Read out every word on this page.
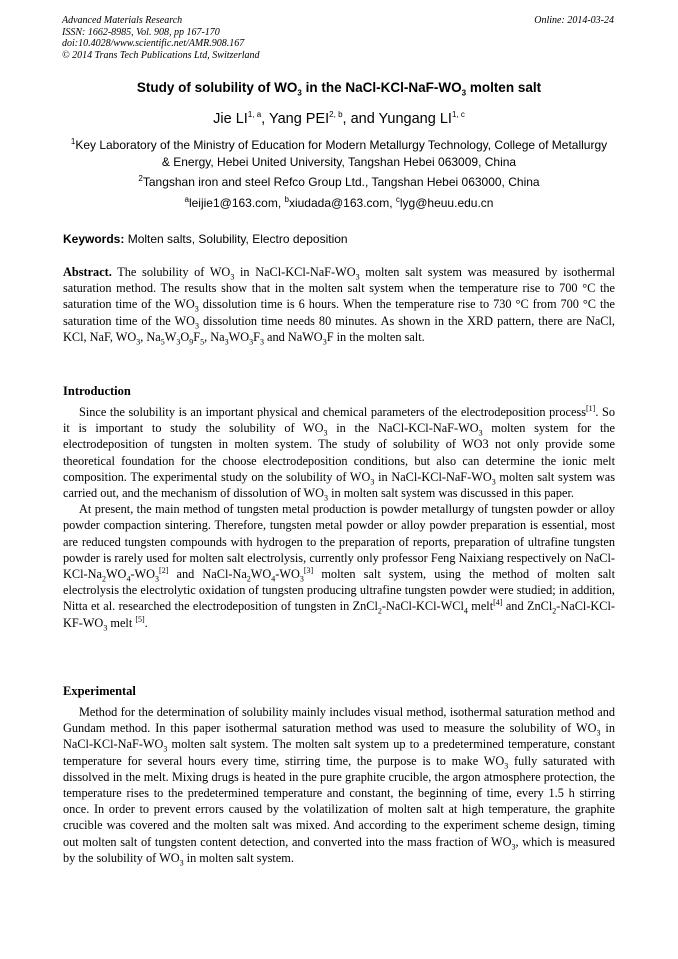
Advanced Materials Research
ISSN: 1662-8985, Vol. 908, pp 167-170
doi:10.4028/www.scientific.net/AMR.908.167
© 2014 Trans Tech Publications Ltd, Switzerland
Online: 2014-03-24
Study of solubility of $WO_3$ in the NaCl-$KCl-NaF-WO_3$ molten salt
Jie LI$^{1, a}$, Yang PEI$^{2, b}$, and Yungang LI$^{1, c}$
$^1$Key Laboratory of the Ministry of Education for Modern Metallurgy Technology, College of Metallurgy & Energy, Hebei United University, Tangshan Hebei 063009, China
$^2$Tangshan iron and steel Refco Group Ltd., Tangshan Hebei 063000, China
$^a$leijie1@163.com, $^b$xiudada@163.com, $^c$lyg@heuu.edu.cn
Keywords: Molten salts, Solubility, Electro deposition
Abstract. The solubility of $WO_3$ in NaCl-$KCl-NaF-WO_3$ molten salt system was measured by isothermal saturation method. The results show that in the molten salt system when the temperature rise to 700 °C the saturation time of the $WO_3$ dissolution time is 6 hours. When the temperature rise to 730 °C from 700 °C the saturation time of the $WO_3$ dissolution time needs 80 minutes. As shown in the XRD pattern, there are NaCl, KCl, NaF, $WO_3$, $Na_5W_3O_9F_5$, $Na_3WO_3F_3$ and NaWO$_3$F in the molten salt.
Introduction

Since the solubility is an important physical and chemical parameters of the electrodeposition process[1]. So it is important to study the solubility of $WO_3$ in the NaCl-$KCl-NaF-WO_3$ molten system for the electrodeposition of tungsten in molten system. The study of solubility of WO3 not only provide some theoretical foundation for the choose electrodeposition conditions, but also can determine the ionic melt composition. The experimental study on the solubility of $WO_3$ in NaCl-$KCl-NaF-WO_3$ molten salt system was carried out, and the mechanism of dissolution of $WO_3$ in molten salt system was discussed in this paper.

At present, the main method of tungsten metal production is powder metallurgy of tungsten powder or alloy powder compaction sintering. Therefore, tungsten metal powder or alloy powder preparation is essential, most are reduced tungsten compounds with hydrogen to the preparation of reports, preparation of ultrafine tungsten powder is rarely used for molten salt electrolysis, currently only professor Feng Naixiang respectively on NaCl-$KCl-Na_2WO_4-WO_3[2]$ and NaCl-$Na_2WO_4-WO_3[3]$ molten salt system, using the method of molten salt electrolysis the electrolytic oxidation of tungsten producing ultrafine tungsten powder were studied; in addition, Nitta et al. researched the electrodeposition of tungsten in ZnCl$_2$-NaCl-KCl-WCl$_4$ melt[4] and $ZnCl_2-NaCl-KCl-KF-WO_3$ melt [5].

Experimental

Method for the determination of solubility mainly includes visual method, isothermal saturation method and Gundam method. In this paper isothermal saturation method was used to measure the solubility of $WO_3$ in NaCl-$KCl-NaF-WO_3$ molten salt system. The molten salt system up to a predetermined temperature, constant temperature for several hours every time, stirring time, the purpose is to make $WO_3$ fully saturated with dissolved in the melt. Mixing drugs is heated in the pure graphite crucible, the argon atmosphere protection, the temperature rises to the predetermined temperature and constant, the beginning of time, every 1.5 h stirring once. In order to prevent errors caused by the volatilization of molten salt at high temperature, the graphite crucible was covered and the molten salt was mixed. And according to the experiment scheme design, timing out molten salt of tungsten content detection, and converted into the mass fraction of $WO_3$, which is measured by the solubility of $WO_3$ in molten salt system.
